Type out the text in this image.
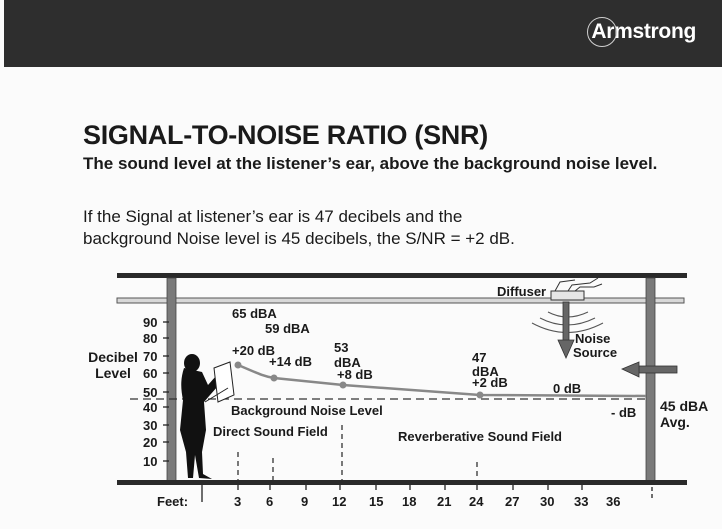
Armstrong
SIGNAL-TO-NOISE RATIO (SNR)
The sound level at the listener’s ear, above the background noise level.
If the Signal at listener’s ear is 47 decibels and the
background Noise level is 45 decibels, the S/NR = +2 dB.
Decibel
Level
90
80
70
60
50
40
30
20
10
65 dBA
59 dBA
+20 dB
+14 dB
53
dBA
+8 dB
47
dBA
+2 dB	0 dB
- dB
Background Noise Level
Direct Sound Field	Reverberative Sound Field
Diffuser
Noise
Source
45 dBA
Avg.
Feet:	3 6 9 12 15 18 21 24 27 30 33 36
